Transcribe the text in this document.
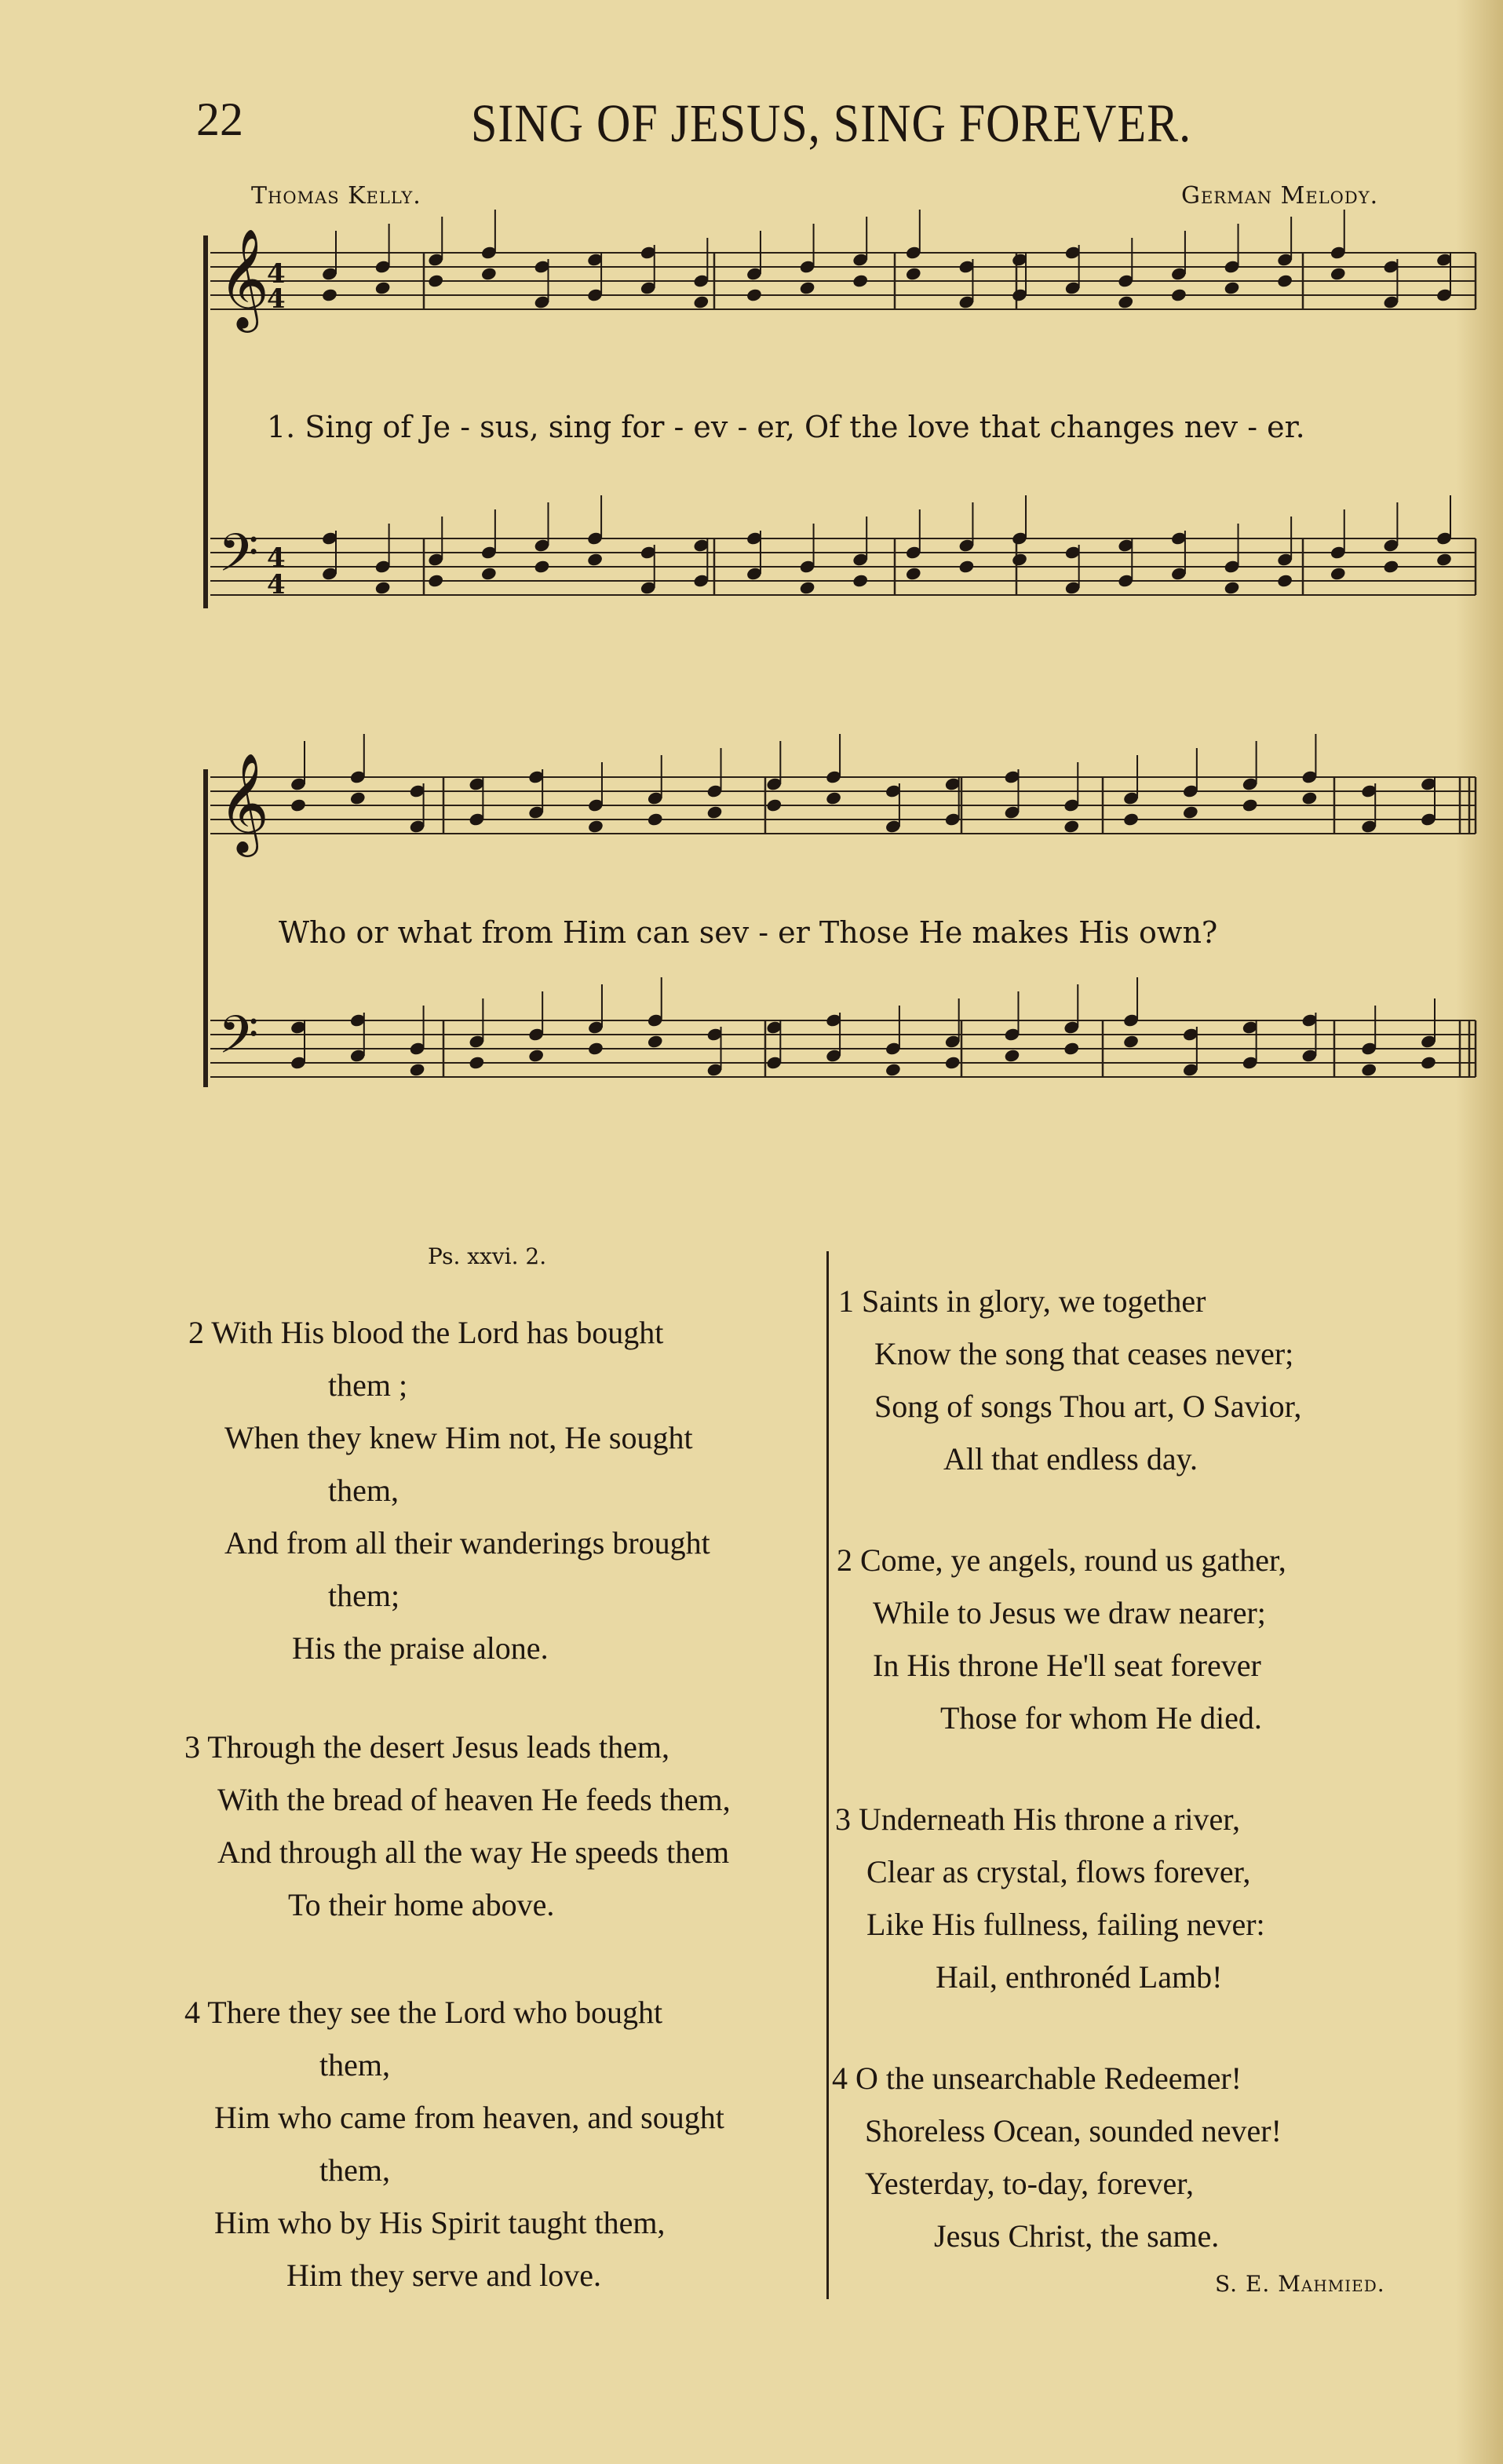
22	SING OF JESUS, SING FOREVER.
Thomas Kelly.	German Melody.
𝄞
4
4
𝄢 4
4
𝄞
𝄢
1. Sing of Je - sus, sing for - ev - er, Of the love that changes nev - er.
Who or what from Him can sev - er Those He makes His own?
Ps. xxvi. 2.
2 With His blood the Lord has bought
them ;
When they knew Him not, He sought
them,
And from all their wanderings brought
them;
His the praise alone.
3 Through the desert Jesus leads them,
With the bread of heaven He feeds them,
And through all the way He speeds them
To their home above.
4 There they see the Lord who bought
them,
Him who came from heaven, and sought
them,
Him who by His Spirit taught them,
Him they serve and love.
1 Saints in glory, we together
Know the song that ceases never;
Song of songs Thou art, O Savior,
All that endless day.
2 Come, ye angels, round us gather,
While to Jesus we draw nearer;
In His throne He'll seat forever
Those for whom He died.
3 Underneath His throne a river,
Clear as crystal, flows forever,
Like His fullness, failing never:
Hail, enthronéd Lamb!
4 O the unsearchable Redeemer!
Shoreless Ocean, sounded never!
Yesterday, to-day, forever,
Jesus Christ, the same.
S. E. Mahmied.
